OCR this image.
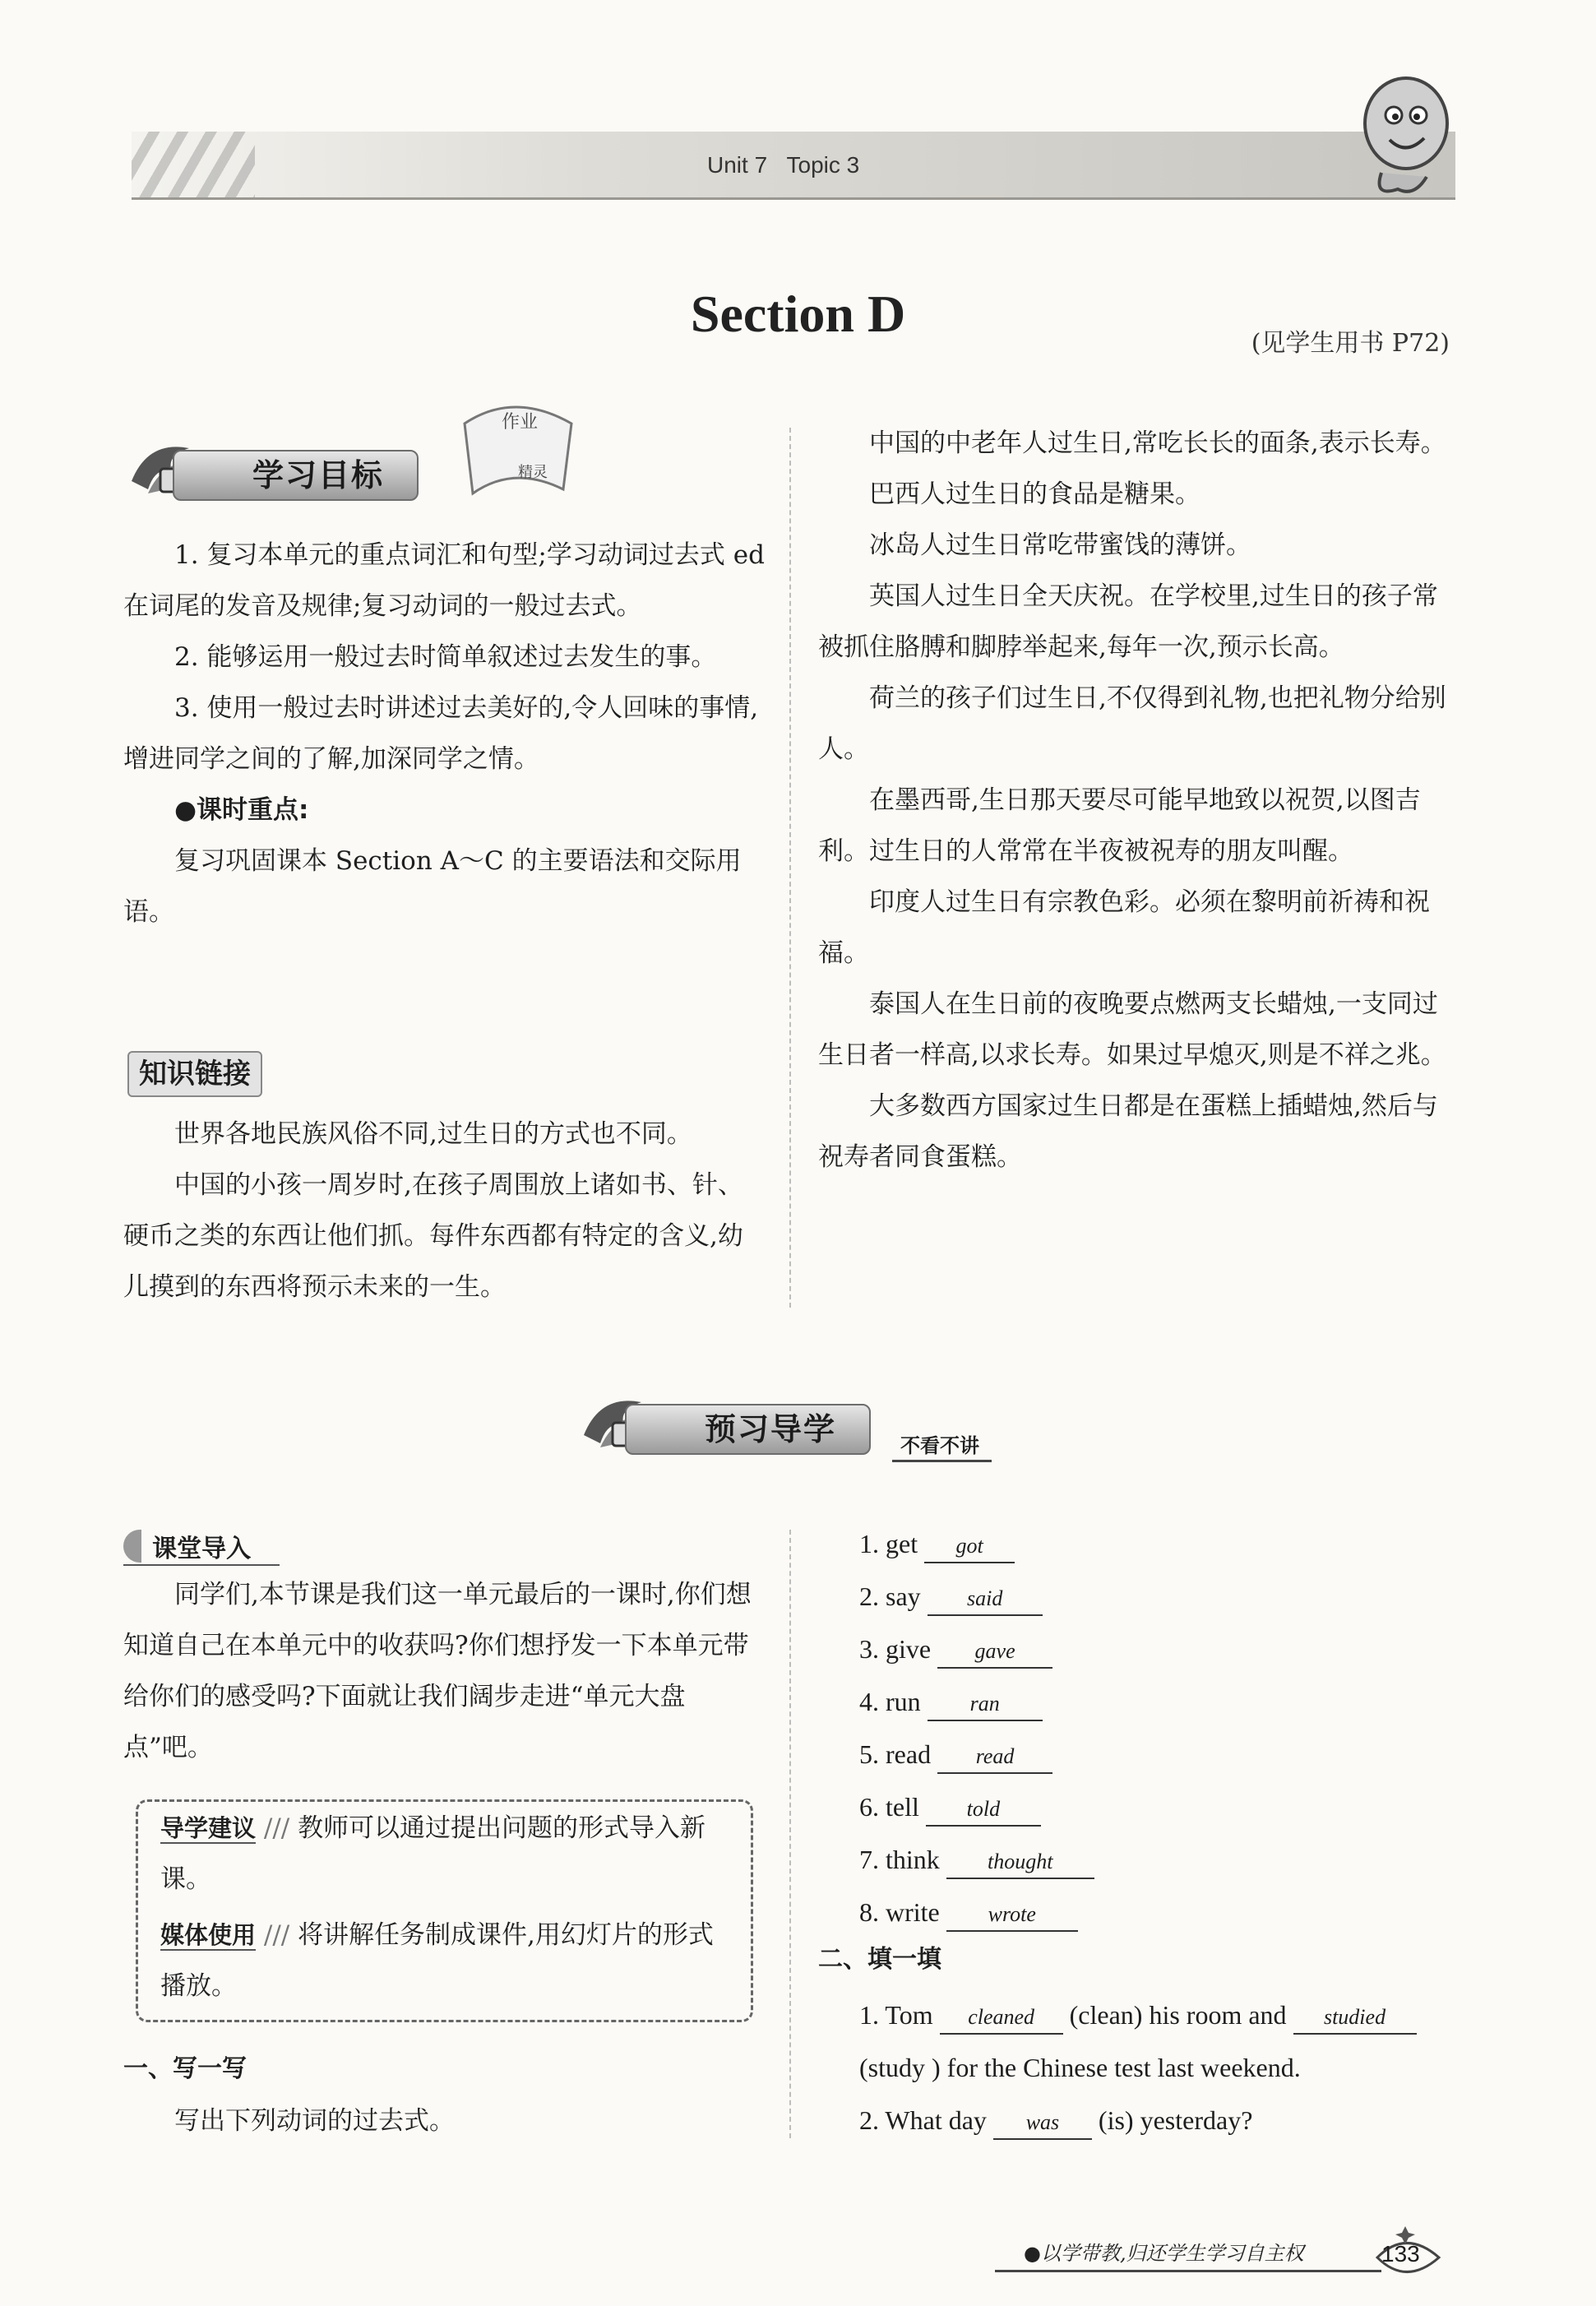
Unit 7 Topic 3
Section D
(见学生用书 P72)
学习目标
作业
精灵
1. 复习本单元的重点词汇和句型;学习动词过去式 ed 在词尾的发音及规律;复习动词的一般过去式。
2. 能够运用一般过去时简单叙述过去发生的事。
3. 使用一般过去时讲述过去美好的,令人回味的事情,增进同学之间的了解,加深同学之情。
●课时重点:
复习巩固课本 Section A～C 的主要语法和交际用语。
知识链接
世界各地民族风俗不同,过生日的方式也不同。
中国的小孩一周岁时,在孩子周围放上诸如书、针、硬币之类的东西让他们抓。每件东西都有特定的含义,幼儿摸到的东西将预示未来的一生。
中国的中老年人过生日,常吃长长的面条,表示长寿。
巴西人过生日的食品是糖果。
冰岛人过生日常吃带蜜饯的薄饼。
英国人过生日全天庆祝。在学校里,过生日的孩子常被抓住胳膊和脚脖举起来,每年一次,预示长高。
荷兰的孩子们过生日,不仅得到礼物,也把礼物分给别人。
在墨西哥,生日那天要尽可能早地致以祝贺,以图吉利。过生日的人常常在半夜被祝寿的朋友叫醒。
印度人过生日有宗教色彩。必须在黎明前祈祷和祝福。
泰国人在生日前的夜晚要点燃两支长蜡烛,一支同过生日者一样高,以求长寿。如果过早熄灭,则是不祥之兆。
大多数西方国家过生日都是在蛋糕上插蜡烛,然后与祝寿者同食蛋糕。
预习导学	不看不讲
课堂导入
同学们,本节课是我们这一单元最后的一课时,你们想知道自己在本单元中的收获吗?你们想抒发一下本单元带给你们的感受吗?下面就让我们阔步走进“单元大盘点”吧。
导学建议 /// 教师可以通过提出问题的形式导入新课。
媒体使用 /// 将讲解任务制成课件,用幻灯片的形式播放。
一、写一写
写出下列动词的过去式。
1. get got
2. say said
3. give gave
4. run ran
5. read read
6. tell told
7. think thought
8. write wrote
二、填一填
1. Tom cleaned (clean) his room and studied
(study ) for the Chinese test last weekend.
2. What day was (is) yesterday?
●以学带教,归还学生学习自主权	133
